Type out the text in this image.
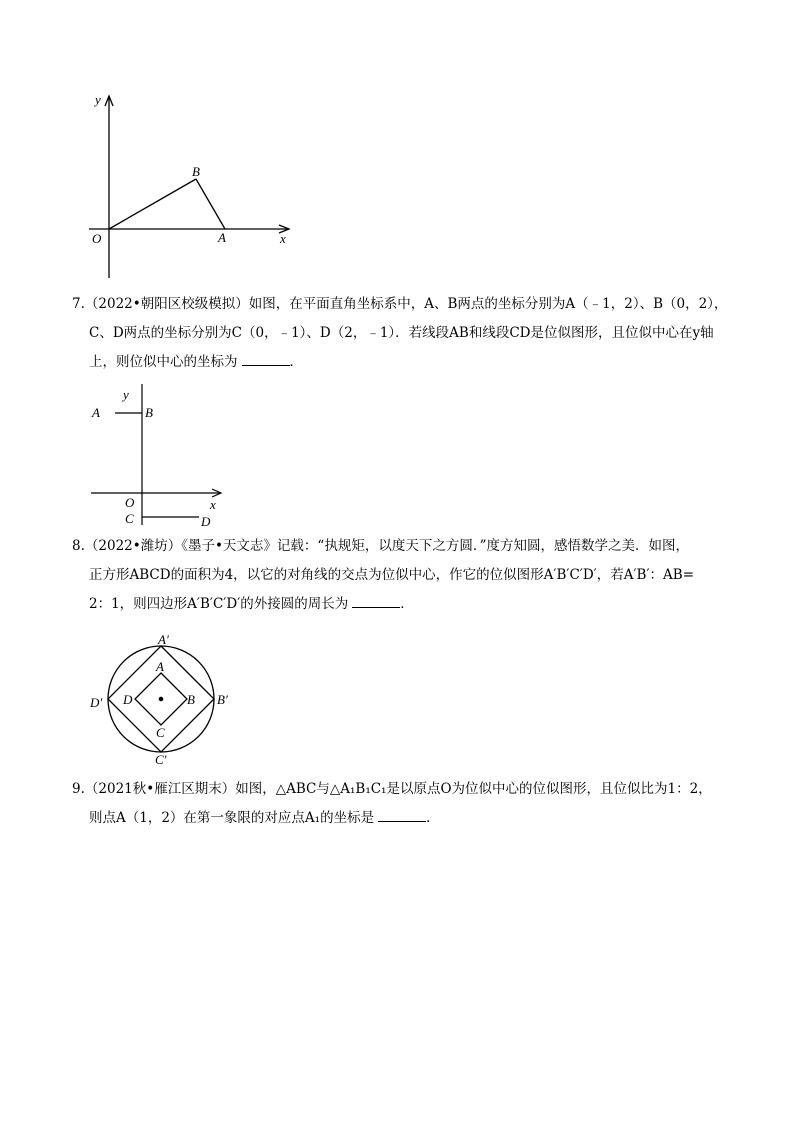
y
x
O	A
B

7.（2022•朝阳区校级模拟）如图，在平面直角坐标系中，A、B两点的坐标分别为A（﹣1，2）、B（0，2），

C、D两点的坐标分别为C（0，﹣1）、D（2，﹣1）．若线段AB和线段CD是位似图形，且位似中心在y轴

上，则位似中心的坐标为	．

y
x
A	B
O
C	D

8.（2022•潍坊）《墨子•天文志》记载：“执规矩，以度天下之方圆．”度方知圆，感悟数学之美．如图，

正方形ABCD的面积为4，以它的对角线的交点为位似中心，作它的位似图形A′B′C′D′，若A′B′：AB=

2：1，则四边形A′B′C′D′的外接圆的周长为	．

A′
B′
C′
D′
A
B
C
D

9.（2021秋•雁江区期末）如图，△ABC与△A₁B₁C₁是以原点O为位似中心的位似图形，且位似比为1：2，

则点A（1，2）在第一象限的对应点A₁的坐标是	．
